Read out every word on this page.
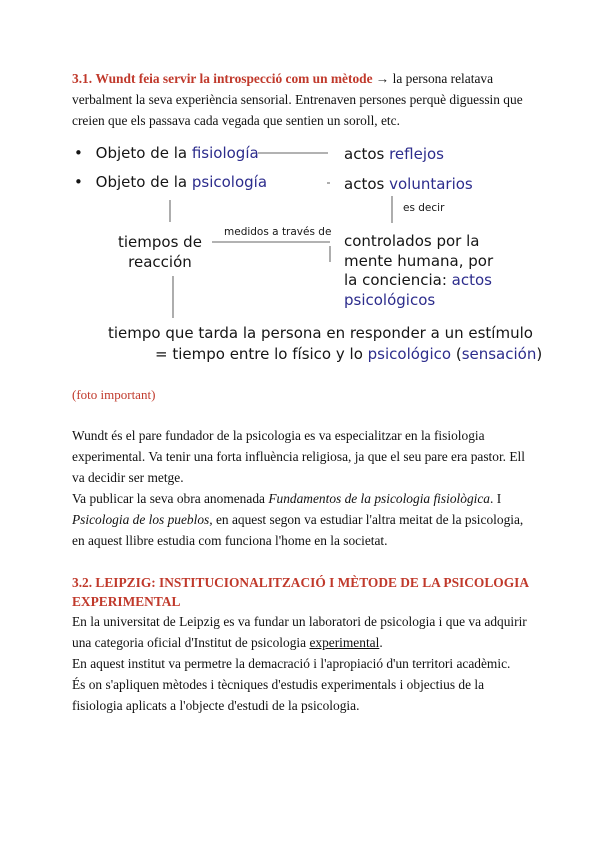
3.1. Wundt feia servir la introspecció com un mètode → la persona relatava
verbalment la seva experiència sensorial. Entrenaven persones perquè diguessin que
creien que els passava cada vegada que sentien un soroll, etc.
• Objeto de la fisiología
• Objeto de la psicología
actos reflejos
actos voluntarios
es decir
medidos a través de
tiempos de
reacción
controlados por la
mente humana, por
la conciencia: actos
psicológicos
tiempo que tarda la persona en responder a un estímulo
= tiempo entre lo físico y lo psicológico (sensación)
(foto important)
Wundt és el pare fundador de la psicologia es va especialitzar en la fisiologia
experimental. Va tenir una forta influència religiosa, ja que el seu pare era pastor. Ell
va decidir ser metge.
Va publicar la seva obra anomenada Fundamentos de la psicologia fisiològica. I
Psicologia de los pueblos, en aquest segon va estudiar l'altra meitat de la psicologia,
en aquest llibre estudia com funciona l'home en la societat.
3.2. LEIPZIG: INSTITUCIONALITZACIÓ I MÈTODE DE LA PSICOLOGIA
EXPERIMENTAL
En la universitat de Leipzig es va fundar un laboratori de psicologia i que va adquirir
una categoria oficial d'Institut de psicologia experimental.
En aquest institut va permetre la demacració i l'apropiació d'un territori acadèmic.
És on s'apliquen mètodes i tècniques d'estudis experimentals i objectius de la
fisiologia aplicats a l'objecte d'estudi de la psicologia.
